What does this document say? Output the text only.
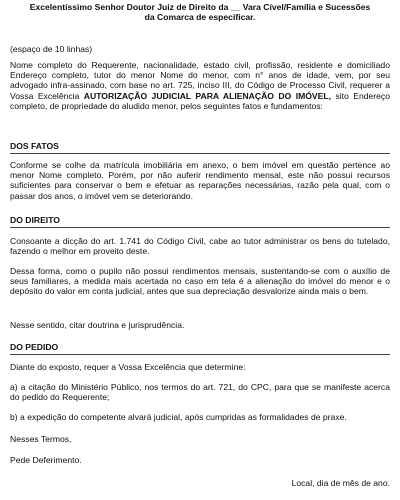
Excelentíssimo Senhor Doutor Juiz de Direito da __ Vara Cível/Família e Sucessões
da Comarca de especificar.

(espaço de 10 linhas)

Nome completo do Requerente, nacionalidade, estado civil, profissão, residente e domiciliado Endereço completo, tutor do menor Nome do menor, com n° anos de idade, vem, por seu advogado infra-assinado, com base no art. 725, inciso III, do Código de Processo Civil, requerer a Vossa Excelência AUTORIZAÇÃO JUDICIAL PARA ALIENAÇÃO DO IMÓVEL, sito Endereço completo, de propriedade do aludido menor, pelos seguintes fatos e fundamentos:

DOS FATOS

Conforme se colhe da matrícula imobiliária em anexo, o bem imóvel em questão pertence ao menor Nome completo. Porém, por não auferir rendimento mensal, este não possui recursos suficientes para conservar o bem e efetuar as reparações necessárias, razão pela qual, com o passar dos anos, o imóvel vem se deteriorando.

DO DIREITO

Consoante a dicção do art. 1.741 do Código Civil, cabe ao tutor administrar os bens do tutelado, fazendo o melhor em proveito deste.

Dessa forma, como o pupilo não possui rendimentos mensais, sustentando-se com o auxílio de seus familiares, a medida mais acertada no caso em tela é a alienação do imóvel do menor e o depósito do valor em conta judicial, antes que sua depreciação desvalorize ainda mais o bem.

Nesse sentido, citar doutrina e jurisprudência.

DO PEDIDO

Diante do exposto, requer a Vossa Excelência que determine:

a) a citação do Ministério Público, nos termos do art. 721, do CPC, para que se manifeste acerca do pedido do Requerente;

b) a expedição do competente alvará judicial, após cumpridas as formalidades de praxe.

Nesses Termos,

Pede Deferimento.

Local, dia de mês de ano.
